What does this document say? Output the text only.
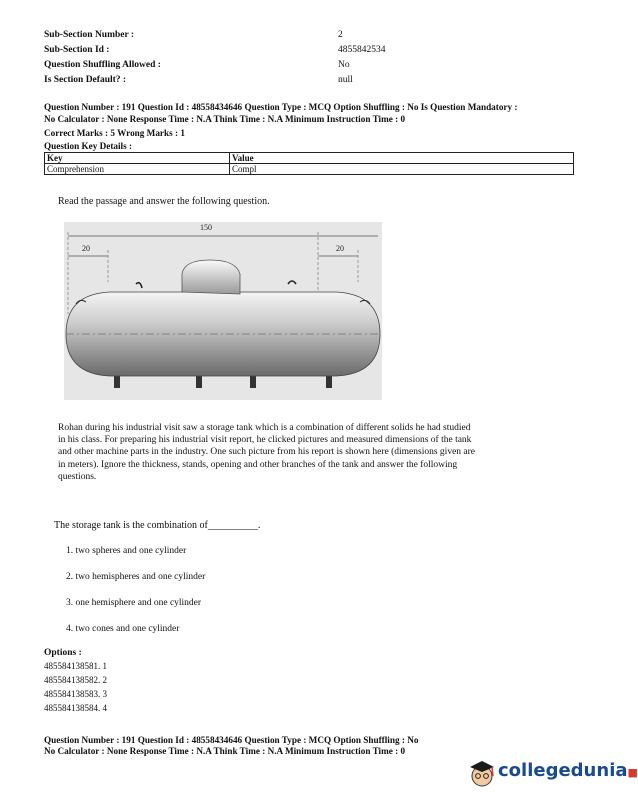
Sub-Section Number :	2
Sub-Section Id :	4855842534
Question Shuffling Allowed :	No
Is Section Default? :	null
Question Number : 191 Question Id : 48558434646 Question Type : MCQ Option Shuffling : No Is Question Mandatory :
No Calculator : None Response Time : N.A Think Time : N.A Minimum Instruction Time : 0
Correct Marks : 5 Wrong Marks : 1
Question Key Details :
Key	Value
Comprehension	Compl
Read the passage and answer the following question.
150
20	20
Rohan during his industrial visit saw a storage tank which is a combination of different solids he had studied
in his class. For preparing his industrial visit report, he clicked pictures and measured dimensions of the tank
and other machine parts in the industry. One such picture from his report is shown here (dimensions given are
in meters). Ignore the thickness, stands, opening and other branches of the tank and answer the following
questions.
The storage tank is the combination of__________.
1. two spheres and one cylinder
2. two hemispheres and one cylinder
3. one hemisphere and one cylinder
4. two cones and one cylinder
Options :
485584138581. 1
485584138582. 2
485584138583. 3
485584138584. 4
Question Number : 191 Question Id : 48558434646 Question Type : MCQ Option Shuffling : No
No Calculator : None Response Time : N.A Think Time : N.A Minimum Instruction Time : 0
collegedunia■
